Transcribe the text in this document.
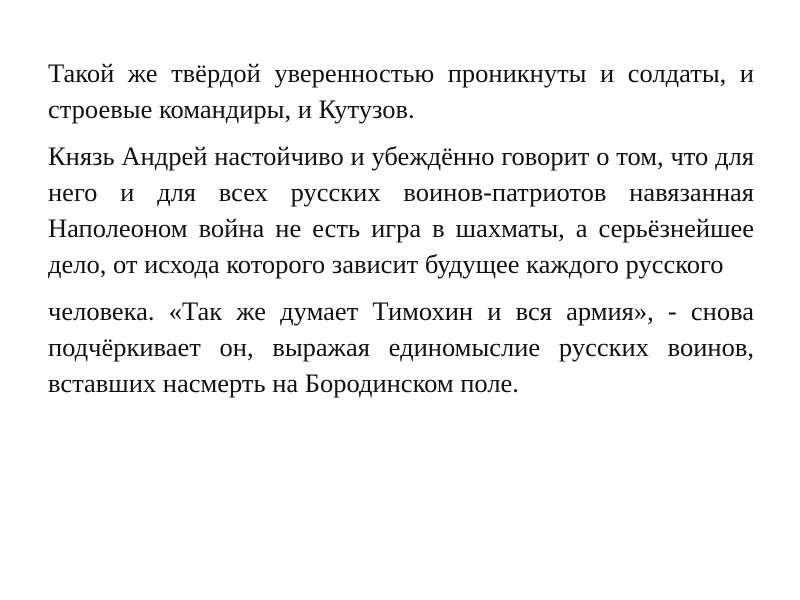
Такой же твёрдой уверенностью проникнуты и солдаты, и строевые командиры, и Кутузов.

Князь Андрей настойчиво и убеждённо говорит о том, что для него и для всех русских воинов-патриотов навязанная Наполеоном война не есть игра в шахматы, а серьёзнейшее дело, от исхода которого зависит будущее каждого русского

человека. «Так же думает Тимохин и вся армия», - снова подчёркивает он, выражая единомыслие русских воинов, вставших насмерть на Бородинском поле.
